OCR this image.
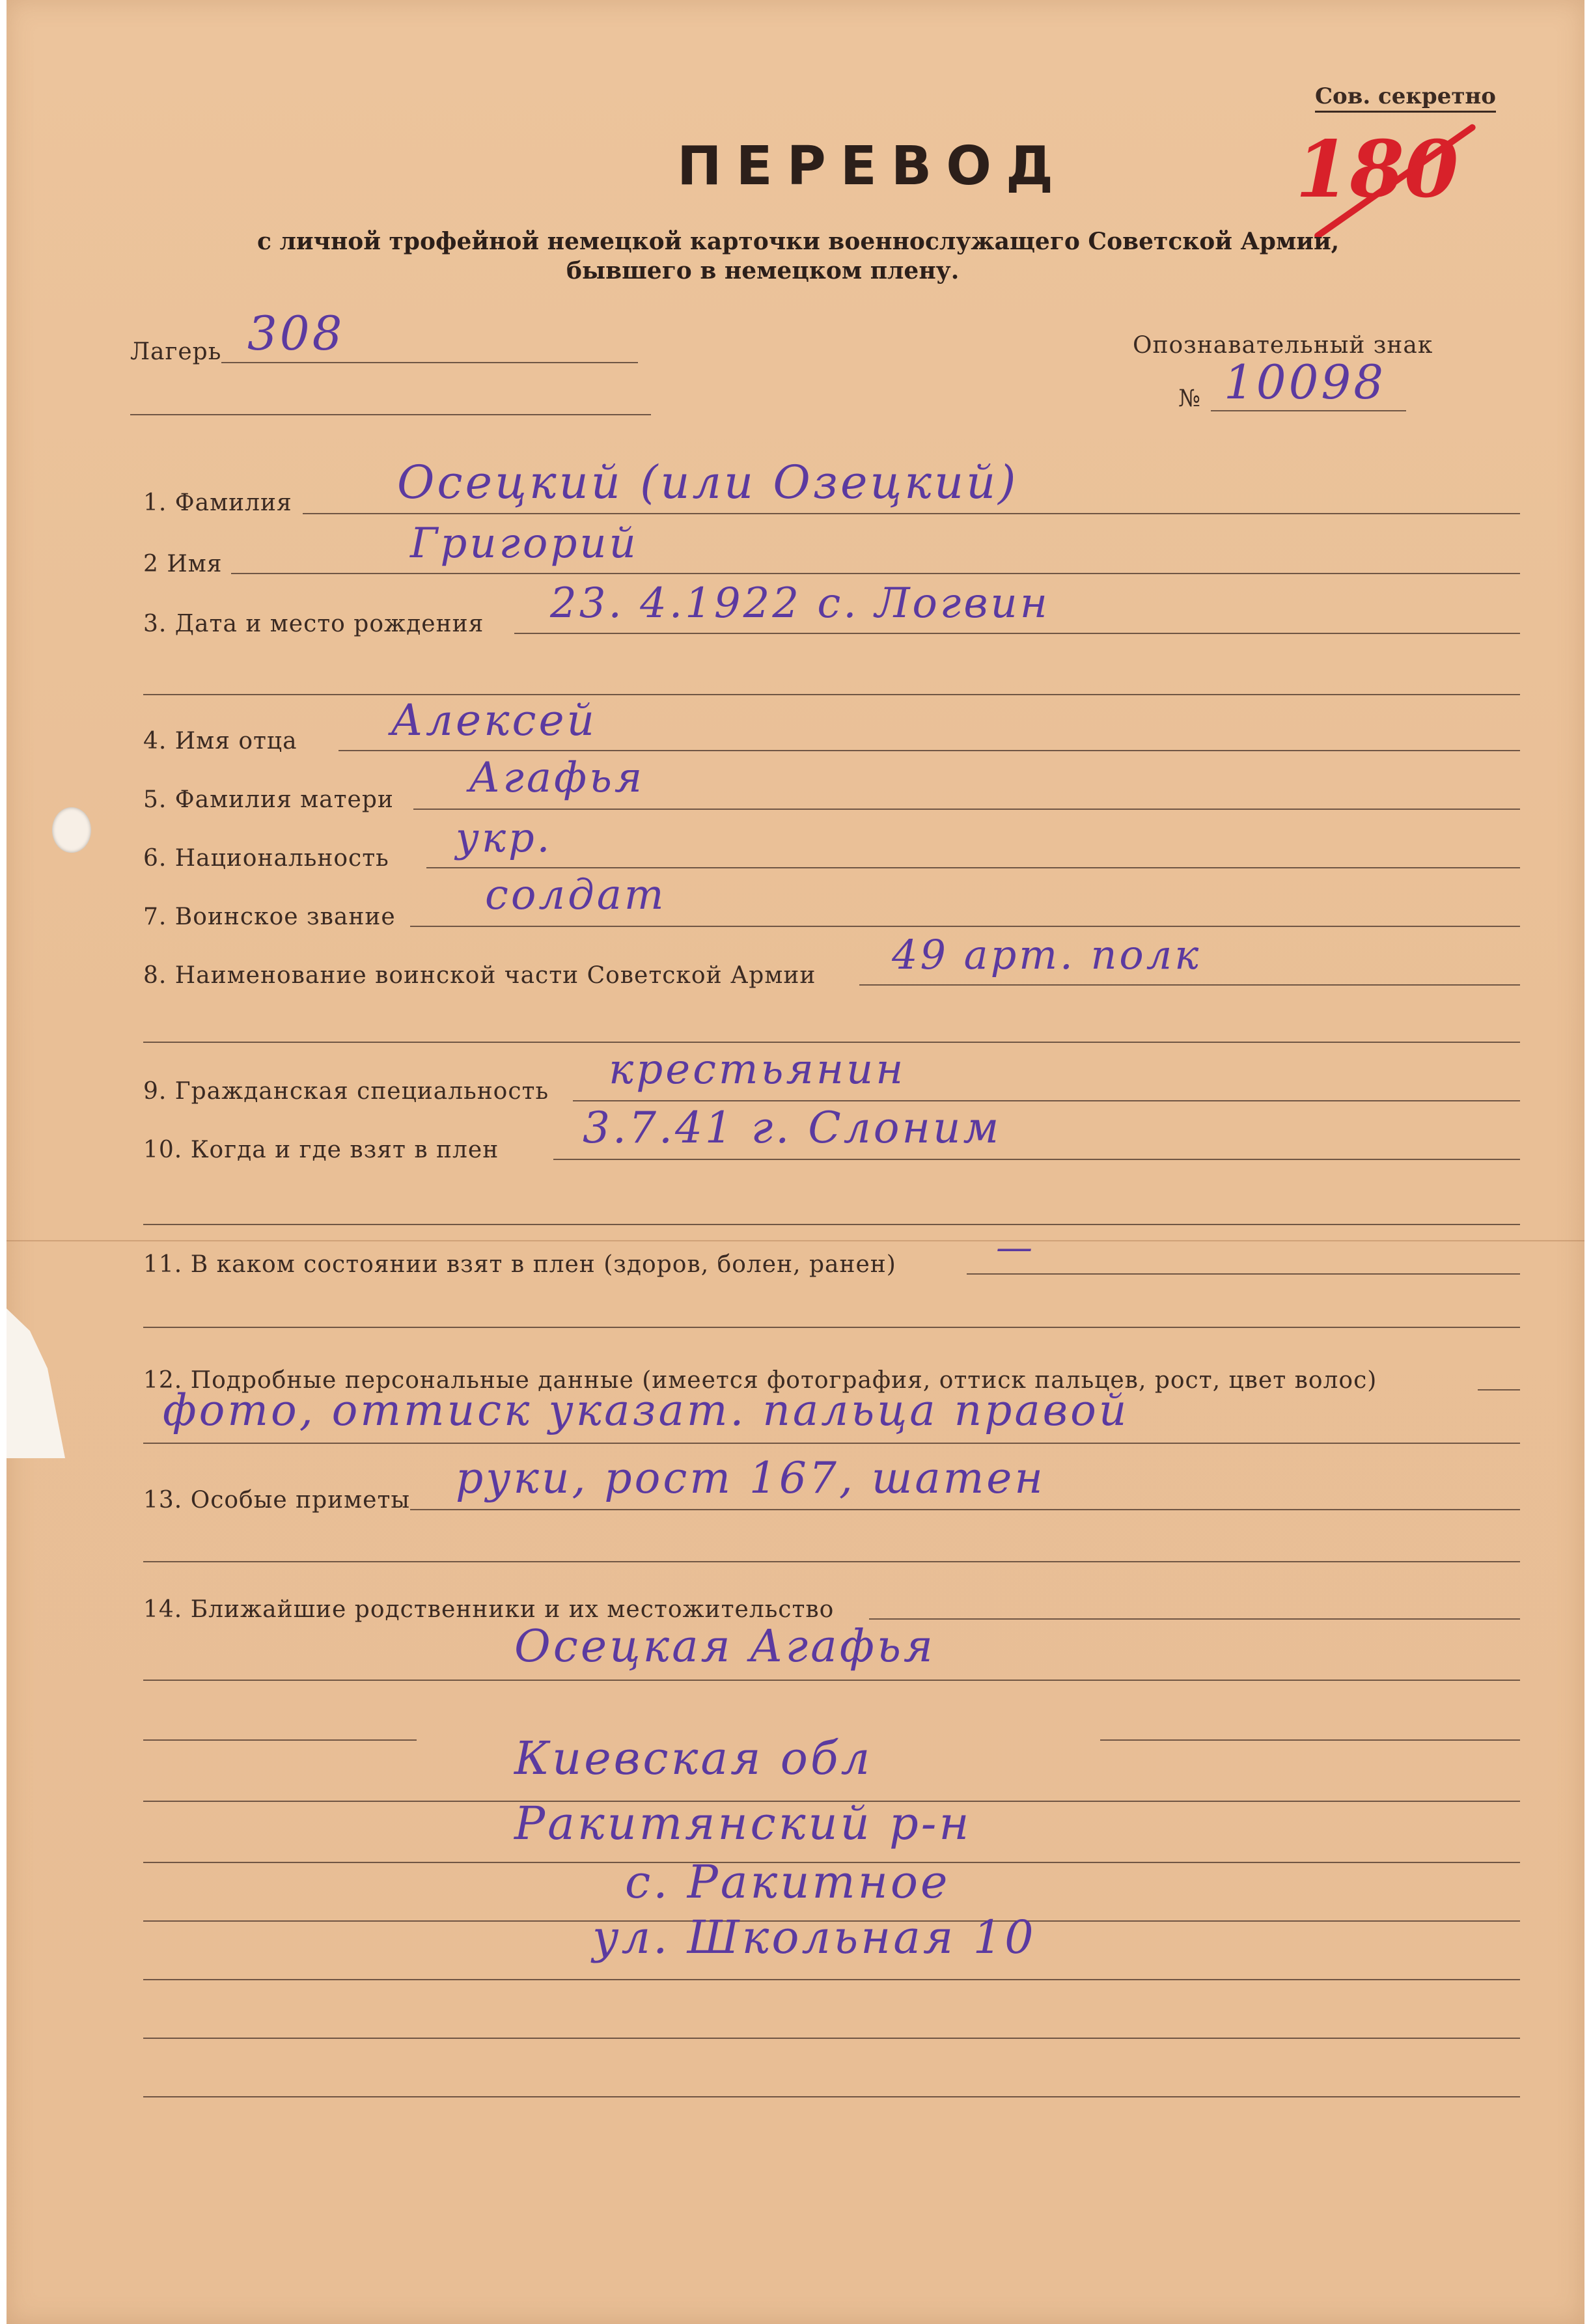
Сов. секретно
180
ПЕРЕВОД
с личной трофейной немецкой карточки военнослужащего Советской Армии,
бывшего в немецком плену.
Лагерь 308	Опознавательный знак
№ 10098
1. Фамилия Осецкий (или Озецкий)
2 Имя	Григорий
3. Дата и место рождения 23. 4.1922 с. Логвин
4. Имя отца Алексей
5. Фамилия матери Агафья
6. Национальность укр.
7. Воинское звание солдат
8. Наименование воинской части Советской Армии 49 арт. полк
9. Гражданская специальность крестьянин
10. Когда и где взят в плен 3.7.41 г. Слоним
11. В каком состоянии взят в плен (здоров, болен, ранен)	—
12. Подробные персональные данные (имеется фотография, оттиск пальцев, рост, цвет волос)
фото, оттиск указат. пальца правой
13. Особые приметы руки, рост 167, шатен
14. Ближайшие родственники и их местожительство
Осецкая Агафья
Киевская обл
Ракитянский р-н
с. Ракитное
ул. Школьная 10
